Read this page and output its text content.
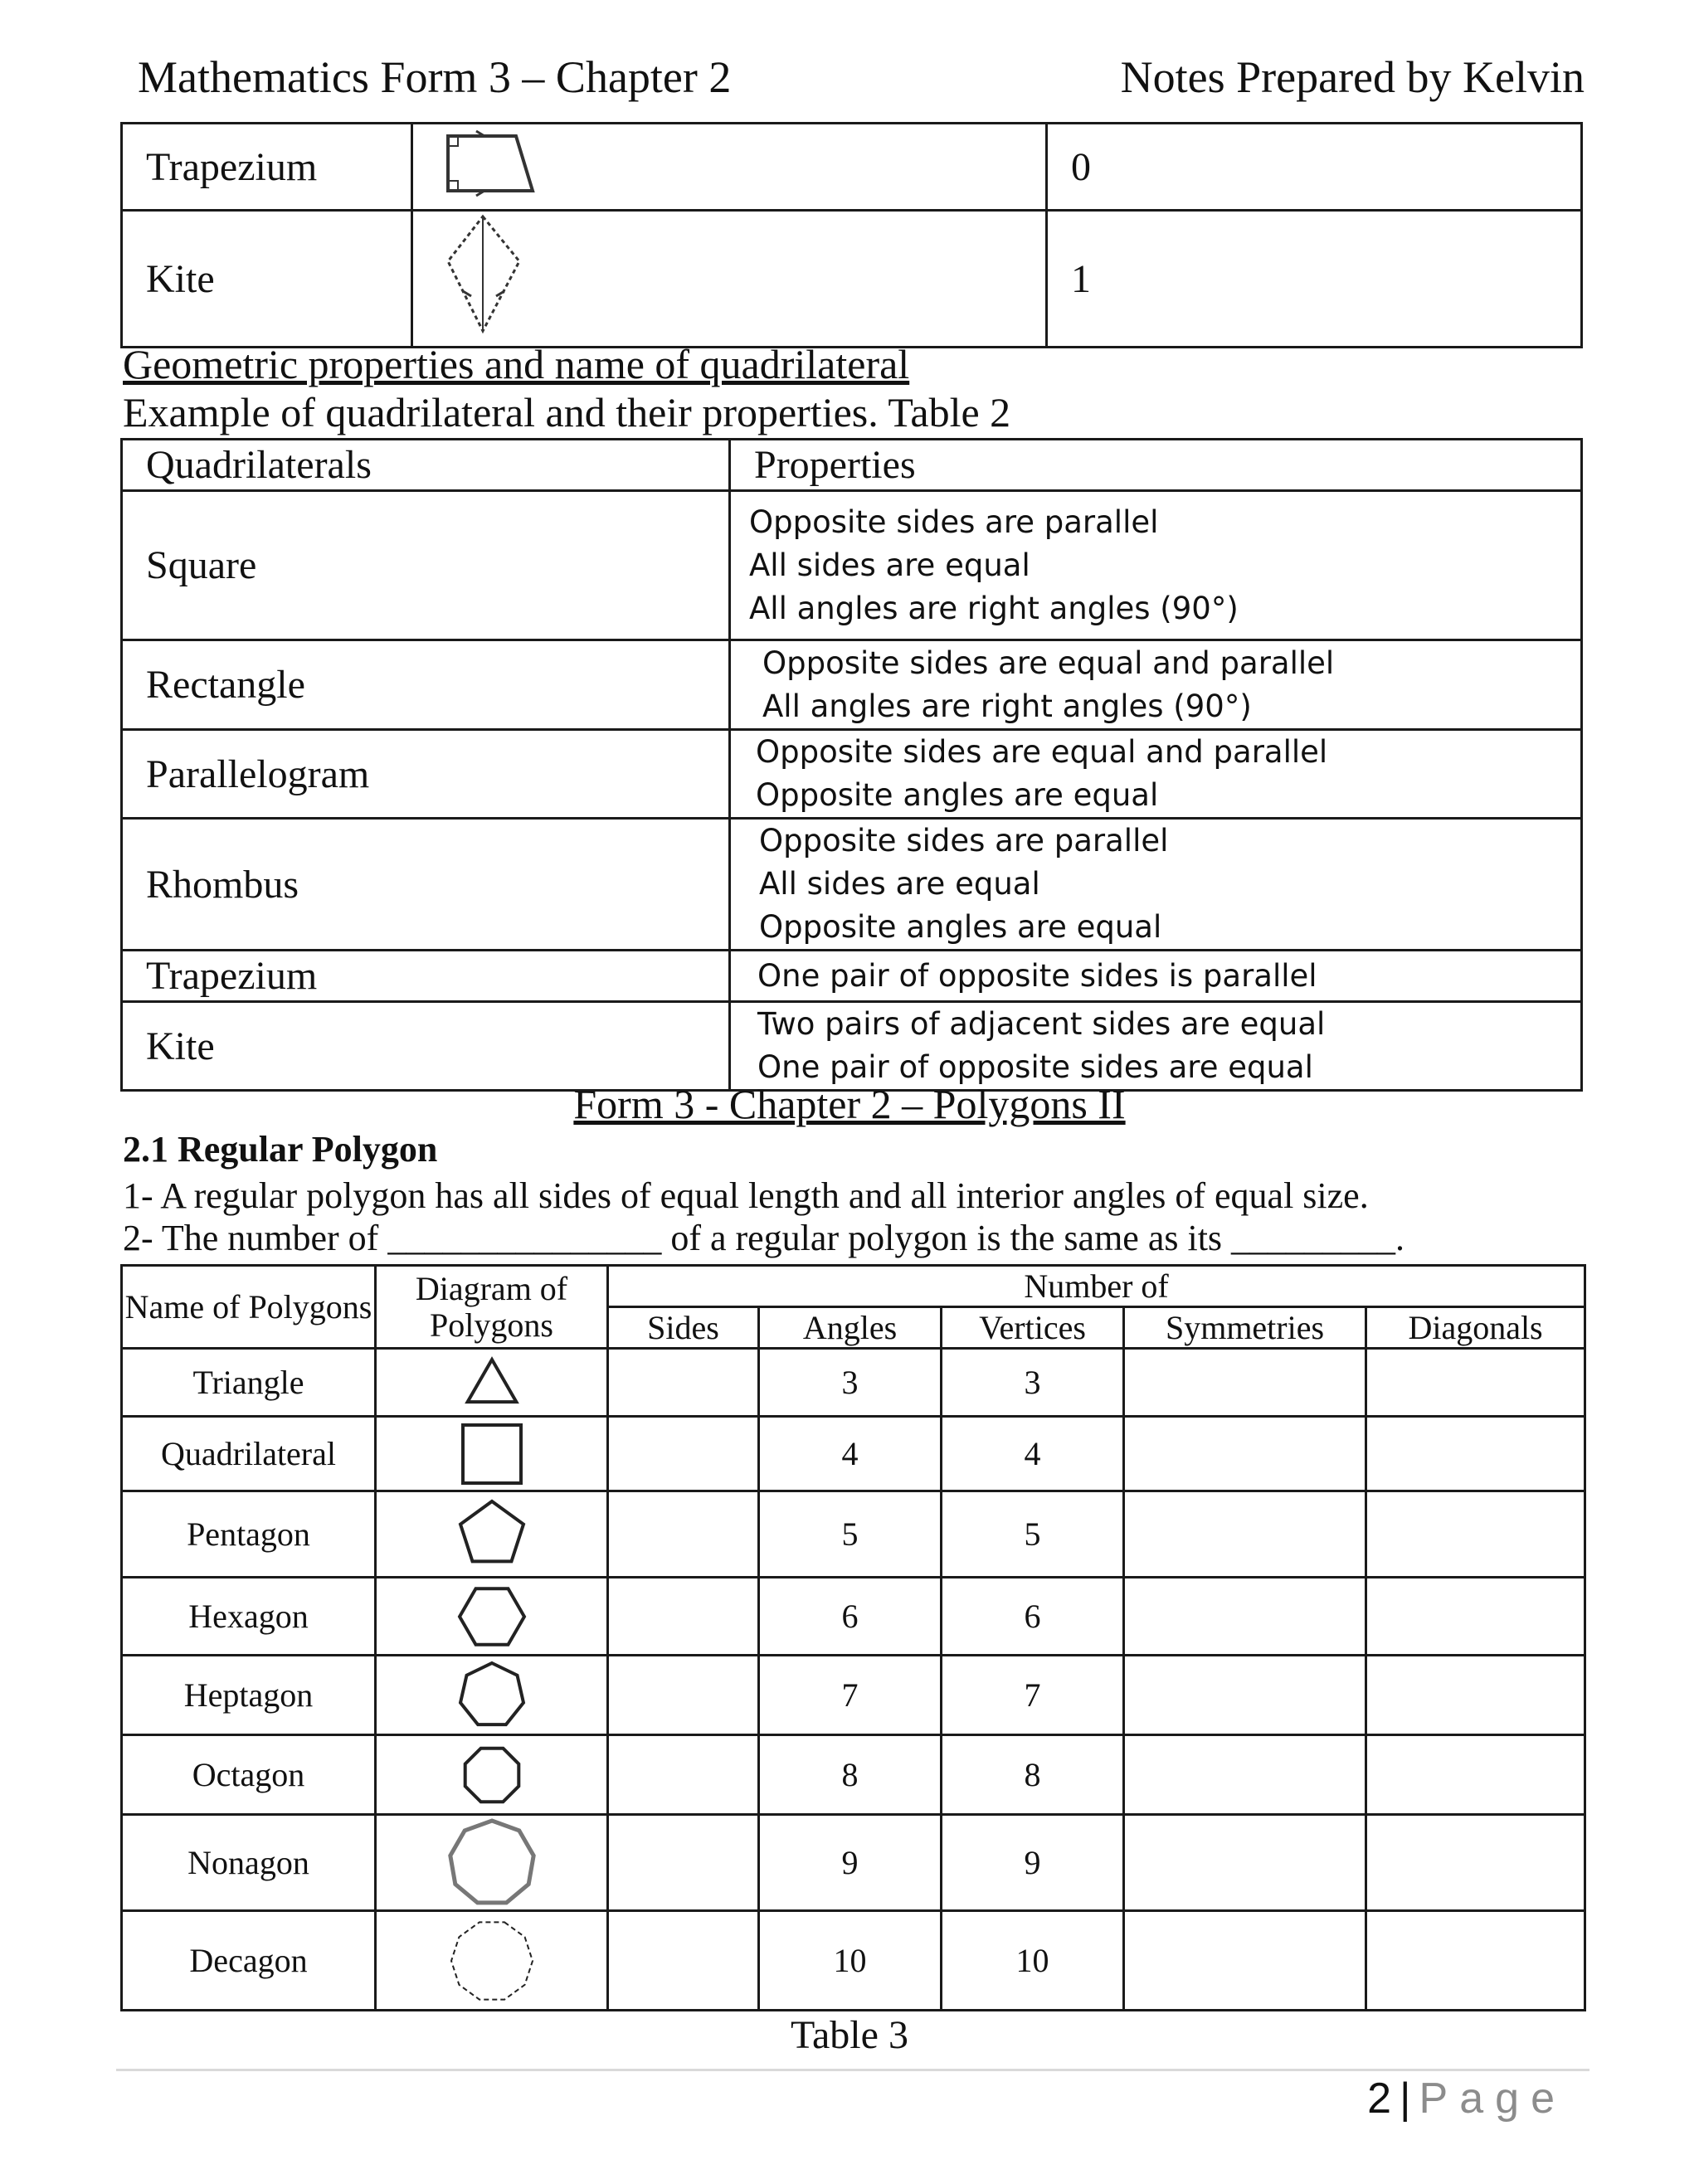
Mathematics Form 3 – Chapter 2	Notes Prepared by Kelvin
Trapezium		0
Kite		1
Geometric properties and name of quadrilateral
Example of quadrilateral and their properties. Table 2
Quadrilaterals	Properties
Square	Opposite sides are parallel
All sides are equal
All angles are right angles (90°)

Rectangle	Opposite sides are equal and parallel
All angles are right angles (90°)

Parallelogram	Opposite sides are equal and parallel
Opposite angles are equal

Rhombus	Opposite sides are parallel
All sides are equal
Opposite angles are equal

Trapezium	One pair of opposite sides is parallel

Kite	Two pairs of adjacent sides are equal
One pair of opposite sides are equal
Form 3 - Chapter 2 – Polygons II
2.1 Regular Polygon
1- A regular polygon has all sides of equal length and all interior angles of equal size.
2- The number of _______________ of a regular polygon is the same as its _________.
Name of Polygons	Diagram of Polygons	Number of				
		Sides	Angles	Vertices	Symmetries	Diagonals
Triangle			3	3		
Quadrilateral			4	4		
Pentagon			5	5		
Hexagon			6	6		
Heptagon			7	7		
Octagon			8	8		
Nonagon			9	9		
Decagon			10	10		
Table 3
2 | Page
